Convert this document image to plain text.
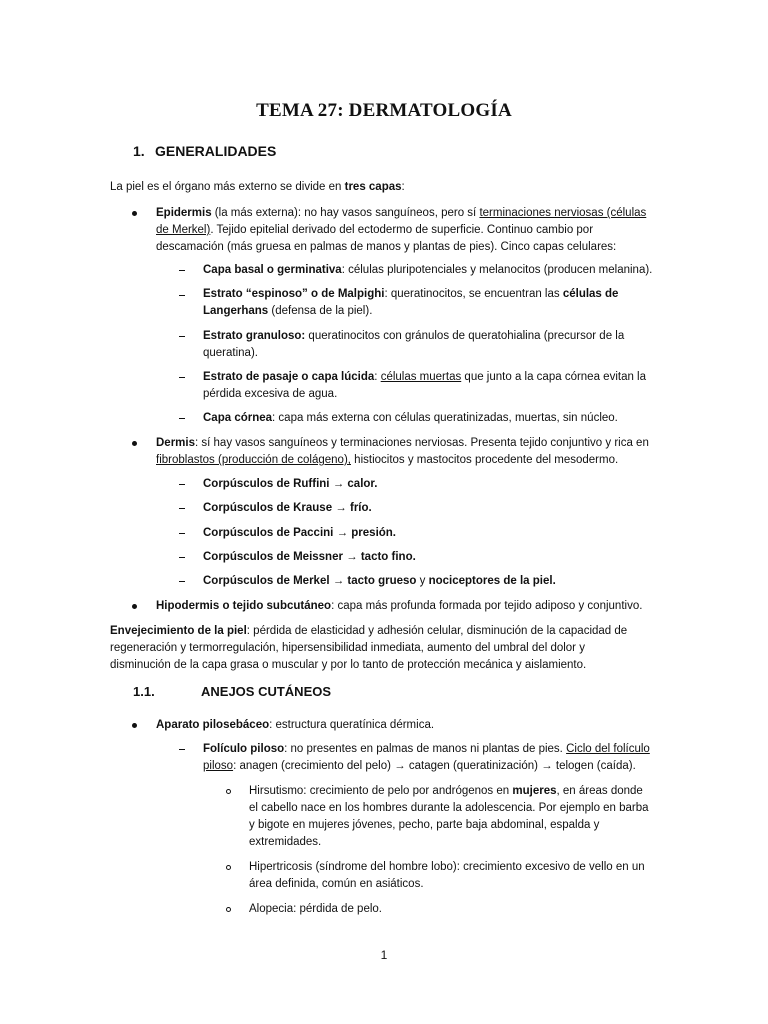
TEMA 27: DERMATOLOGÍA
1. GENERALIDADES
La piel es el órgano más externo se divide en tres capas:
Epidermis (la más externa): no hay vasos sanguíneos, pero sí terminaciones nerviosas (células
de Merkel). Tejido epitelial derivado del ectodermo de superficie. Continuo cambio por
descamación (más gruesa en palmas de manos y plantas de pies). Cinco capas celulares:
Capa basal o germinativa: células pluripotenciales y melanocitos (producen melanina).
Estrato “espinoso” o de Malpighi: queratinocitos, se encuentran las células de
Langerhans (defensa de la piel).
Estrato granuloso: queratinocitos con gránulos de queratohialina (precursor de la
queratina).
Estrato de pasaje o capa lúcida: células muertas que junto a la capa córnea evitan la
pérdida excesiva de agua.
Capa córnea: capa más externa con células queratinizadas, muertas, sin núcleo.
Dermis: sí hay vasos sanguíneos y terminaciones nerviosas. Presenta tejido conjuntivo y rica en
fibroblastos (producción de colágeno), histiocitos y mastocitos procedente del mesodermo.
Corpúsculos de Ruffini → calor.
Corpúsculos de Krause → frío.
Corpúsculos de Paccini → presión.
Corpúsculos de Meissner → tacto fino.
Corpúsculos de Merkel → tacto grueso y nociceptores de la piel.
Hipodermis o tejido subcutáneo: capa más profunda formada por tejido adiposo y conjuntivo.
Envejecimiento de la piel: pérdida de elasticidad y adhesión celular, disminución de la capacidad de
regeneración y termorregulación, hipersensibilidad inmediata, aumento del umbral del dolor y
disminución de la capa grasa o muscular y por lo tanto de protección mecánica y aislamiento.
1.1.	ANEJOS CUTÁNEOS
Aparato pilosebáceo: estructura queratínica dérmica.
Folículo piloso: no presentes en palmas de manos ni plantas de pies. Ciclo del folículo
piloso: anagen (crecimiento del pelo) → catagen (queratinización) → telogen (caída).
Hirsutismo: crecimiento de pelo por andrógenos en mujeres, en áreas donde
el cabello nace en los hombres durante la adolescencia. Por ejemplo en barba
y bigote en mujeres jóvenes, pecho, parte baja abdominal, espalda y
extremidades.
Hipertricosis (síndrome del hombre lobo): crecimiento excesivo de vello en un
área definida, común en asiáticos.
Alopecia: pérdida de pelo.
1
